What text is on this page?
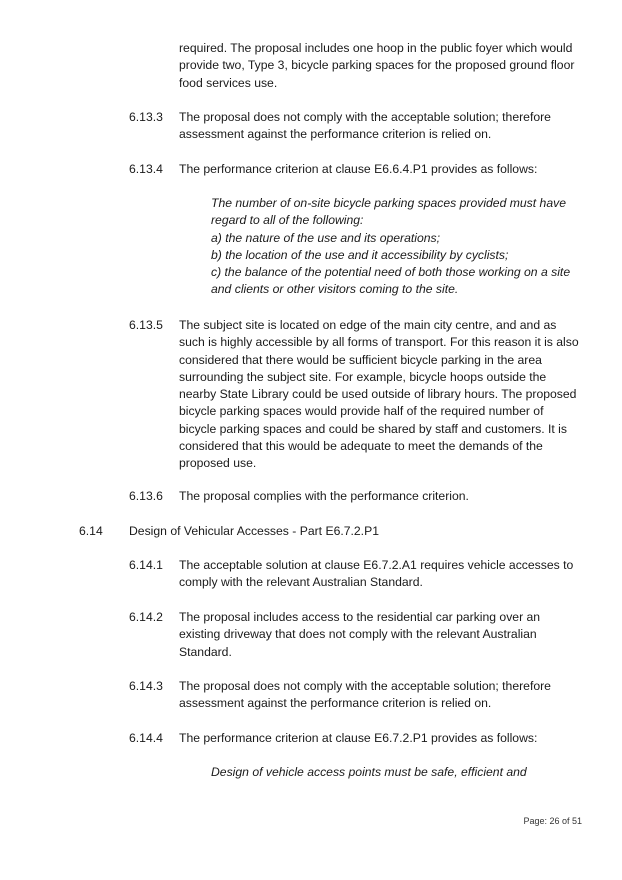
required. The proposal includes one hoop in the public foyer which would provide two, Type 3, bicycle parking spaces for the proposed ground floor food services use.

6.13.3 The proposal does not comply with the acceptable solution; therefore assessment against the performance criterion is relied on.

6.13.4 The performance criterion at clause E6.6.4.P1 provides as follows:

The number of on-site bicycle parking spaces provided must have regard to all of the following:
a) the nature of the use and its operations;
b) the location of the use and it accessibility by cyclists;
c) the balance of the potential need of both those working on a site and clients or other visitors coming to the site.

6.13.5 The subject site is located on edge of the main city centre, and and as such is highly accessible by all forms of transport. For this reason it is also considered that there would be sufficient bicycle parking in the area surrounding the subject site. For example, bicycle hoops outside the nearby State Library could be used outside of library hours. The proposed bicycle parking spaces would provide half of the required number of bicycle parking spaces and could be shared by staff and customers. It is considered that this would be adequate to meet the demands of the proposed use.

6.13.6 The proposal complies with the performance criterion.

6.14 Design of Vehicular Accesses - Part E6.7.2.P1

6.14.1 The acceptable solution at clause E6.7.2.A1 requires vehicle accesses to comply with the relevant Australian Standard.

6.14.2 The proposal includes access to the residential car parking over an existing driveway that does not comply with the relevant Australian Standard.

6.14.3 The proposal does not comply with the acceptable solution; therefore assessment against the performance criterion is relied on.

6.14.4 The performance criterion at clause E6.7.2.P1 provides as follows:

Design of vehicle access points must be safe, efficient and
Page: 26 of 51
